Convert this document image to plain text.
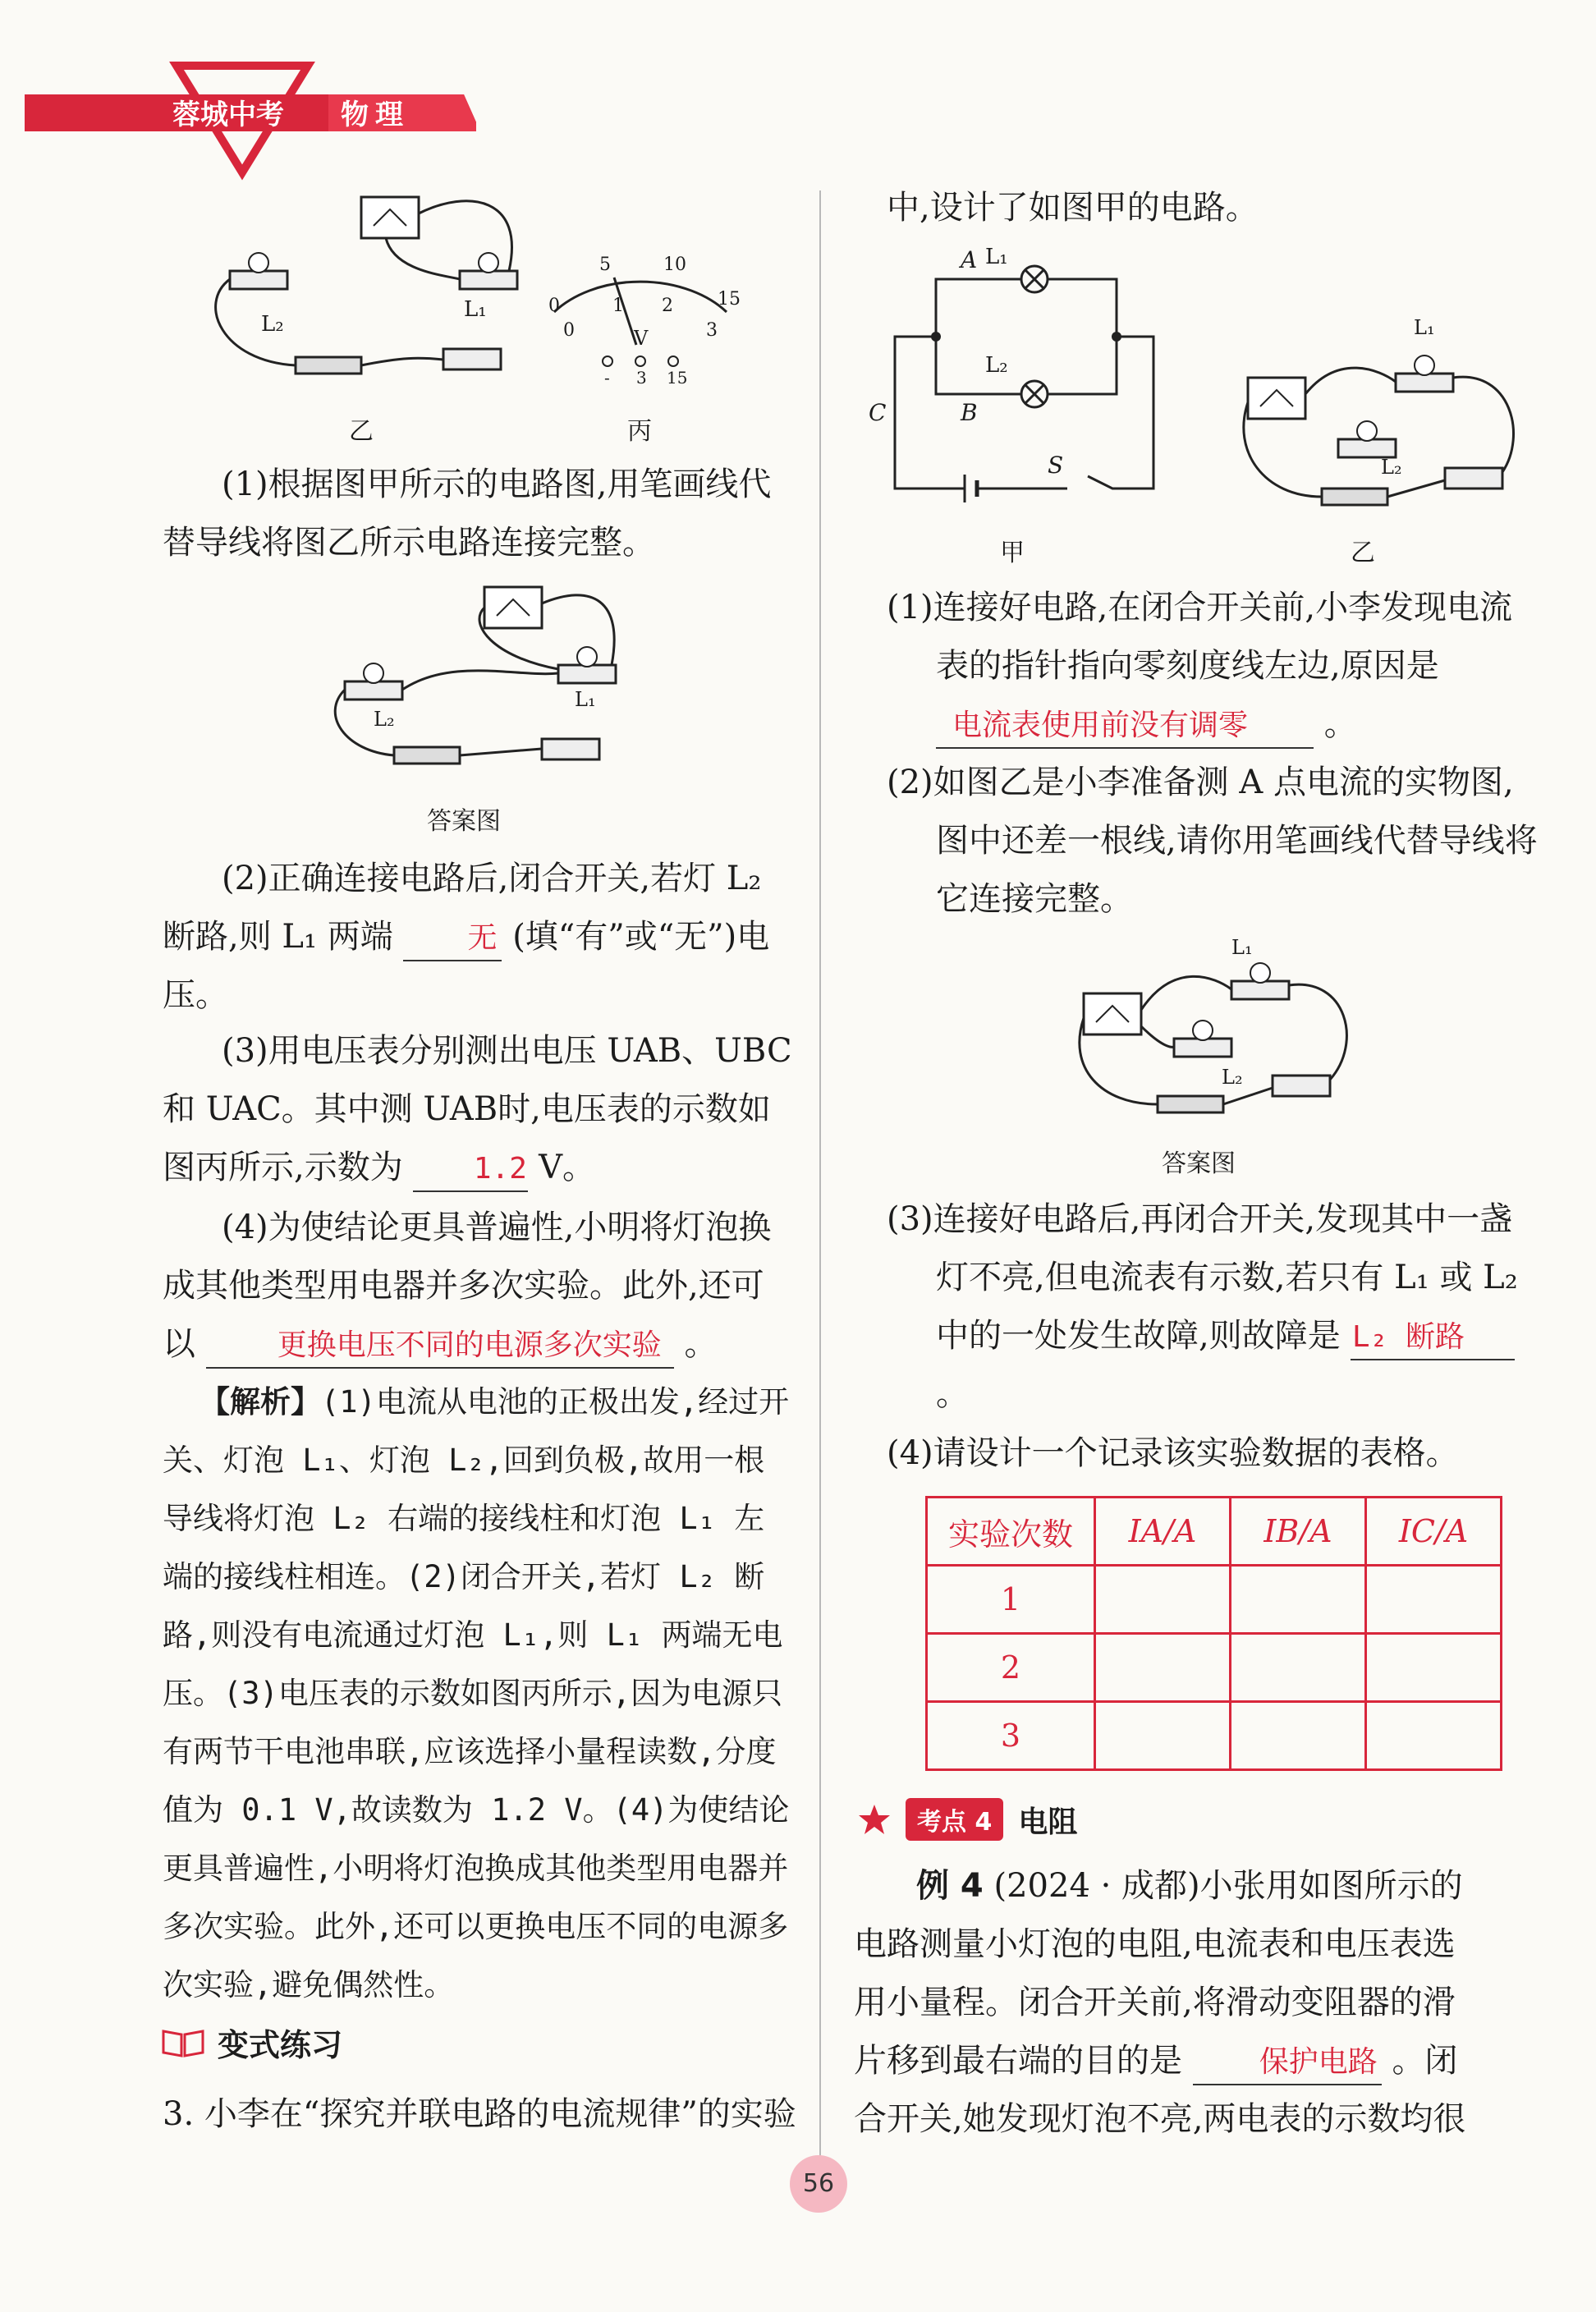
蓉城中考 物理
L₂
L₁
乙
0
5	10
15
0
1 2
3
V
- 3 15
丙
(1)根据图甲所示的电路图,用笔画线代替导线将图乙所示电路连接完整。
L₂
L₁
答案图
(2)正确连接电路后,闭合开关,若灯 L₂ 断路,则 L₁ 两端	无 (填“有”或“无”)电压。
(3)用电压表分别测出电压 UAB、UBC 和 UAC。其中测 UAB时,电压表的示数如图丙所示,示数为 1.2 V。
(4)为使结论更具普遍性,小明将灯泡换成其他类型用电器并多次实验。此外,还可以	更换电压不同的电源多次实验 。
【解析】(1)电流从电池的正极出发,经过开关、灯泡 L₁、灯泡 L₂,回到负极,故用一根导线将灯泡 L₂ 右端的接线柱和灯泡 L₁ 左端的接线柱相连。(2)闭合开关,若灯 L₂ 断路,则没有电流通过灯泡 L₁,则 L₁ 两端无电压。(3)电压表的示数如图丙所示,因为电源只有两节干电池串联,应该选择小量程读数,分度值为 0.1 V,故读数为 1.2 V。(4)为使结论更具普遍性,小明将灯泡换成其他类型用电器并多次实验。此外,还可以更换电压不同的电源多次实验,避免偶然性。
变式练习
3. 小李在“探究并联电路的电流规律”的实验
中,设计了如图甲的电路。
A L₁
L₂
B
C
S
L₁
L₂
甲	乙
(1)连接好电路,在闭合开关前,小李发现电流表的指针指向零刻度线左边,原因是 电流表使用前没有调零 。
(2)如图乙是小李准备测 A 点电流的实物图,图中还差一根线,请你用笔画线代替导线将它连接完整。
L₁
L₂
答案图
(3)连接好电路后,再闭合开关,发现其中一盏灯不亮,但电流表有示数,若只有 L₁ 或 L₂ 中的一处发生故障,则故障是 L₂ 断路 。
(4)请设计一个记录该实验数据的表格。
实验次数	IA/A	IB/A	IC/A
1			
2			
3			
考点 4 电阻
例 4 (2024 · 成都)小张用如图所示的电路测量小灯泡的电阻,电流表和电压表选用小量程。闭合开关前,将滑动变阻器的滑片移到最右端的目的是	保护电路 。闭合开关,她发现灯泡不亮,两电表的示数均很
56
